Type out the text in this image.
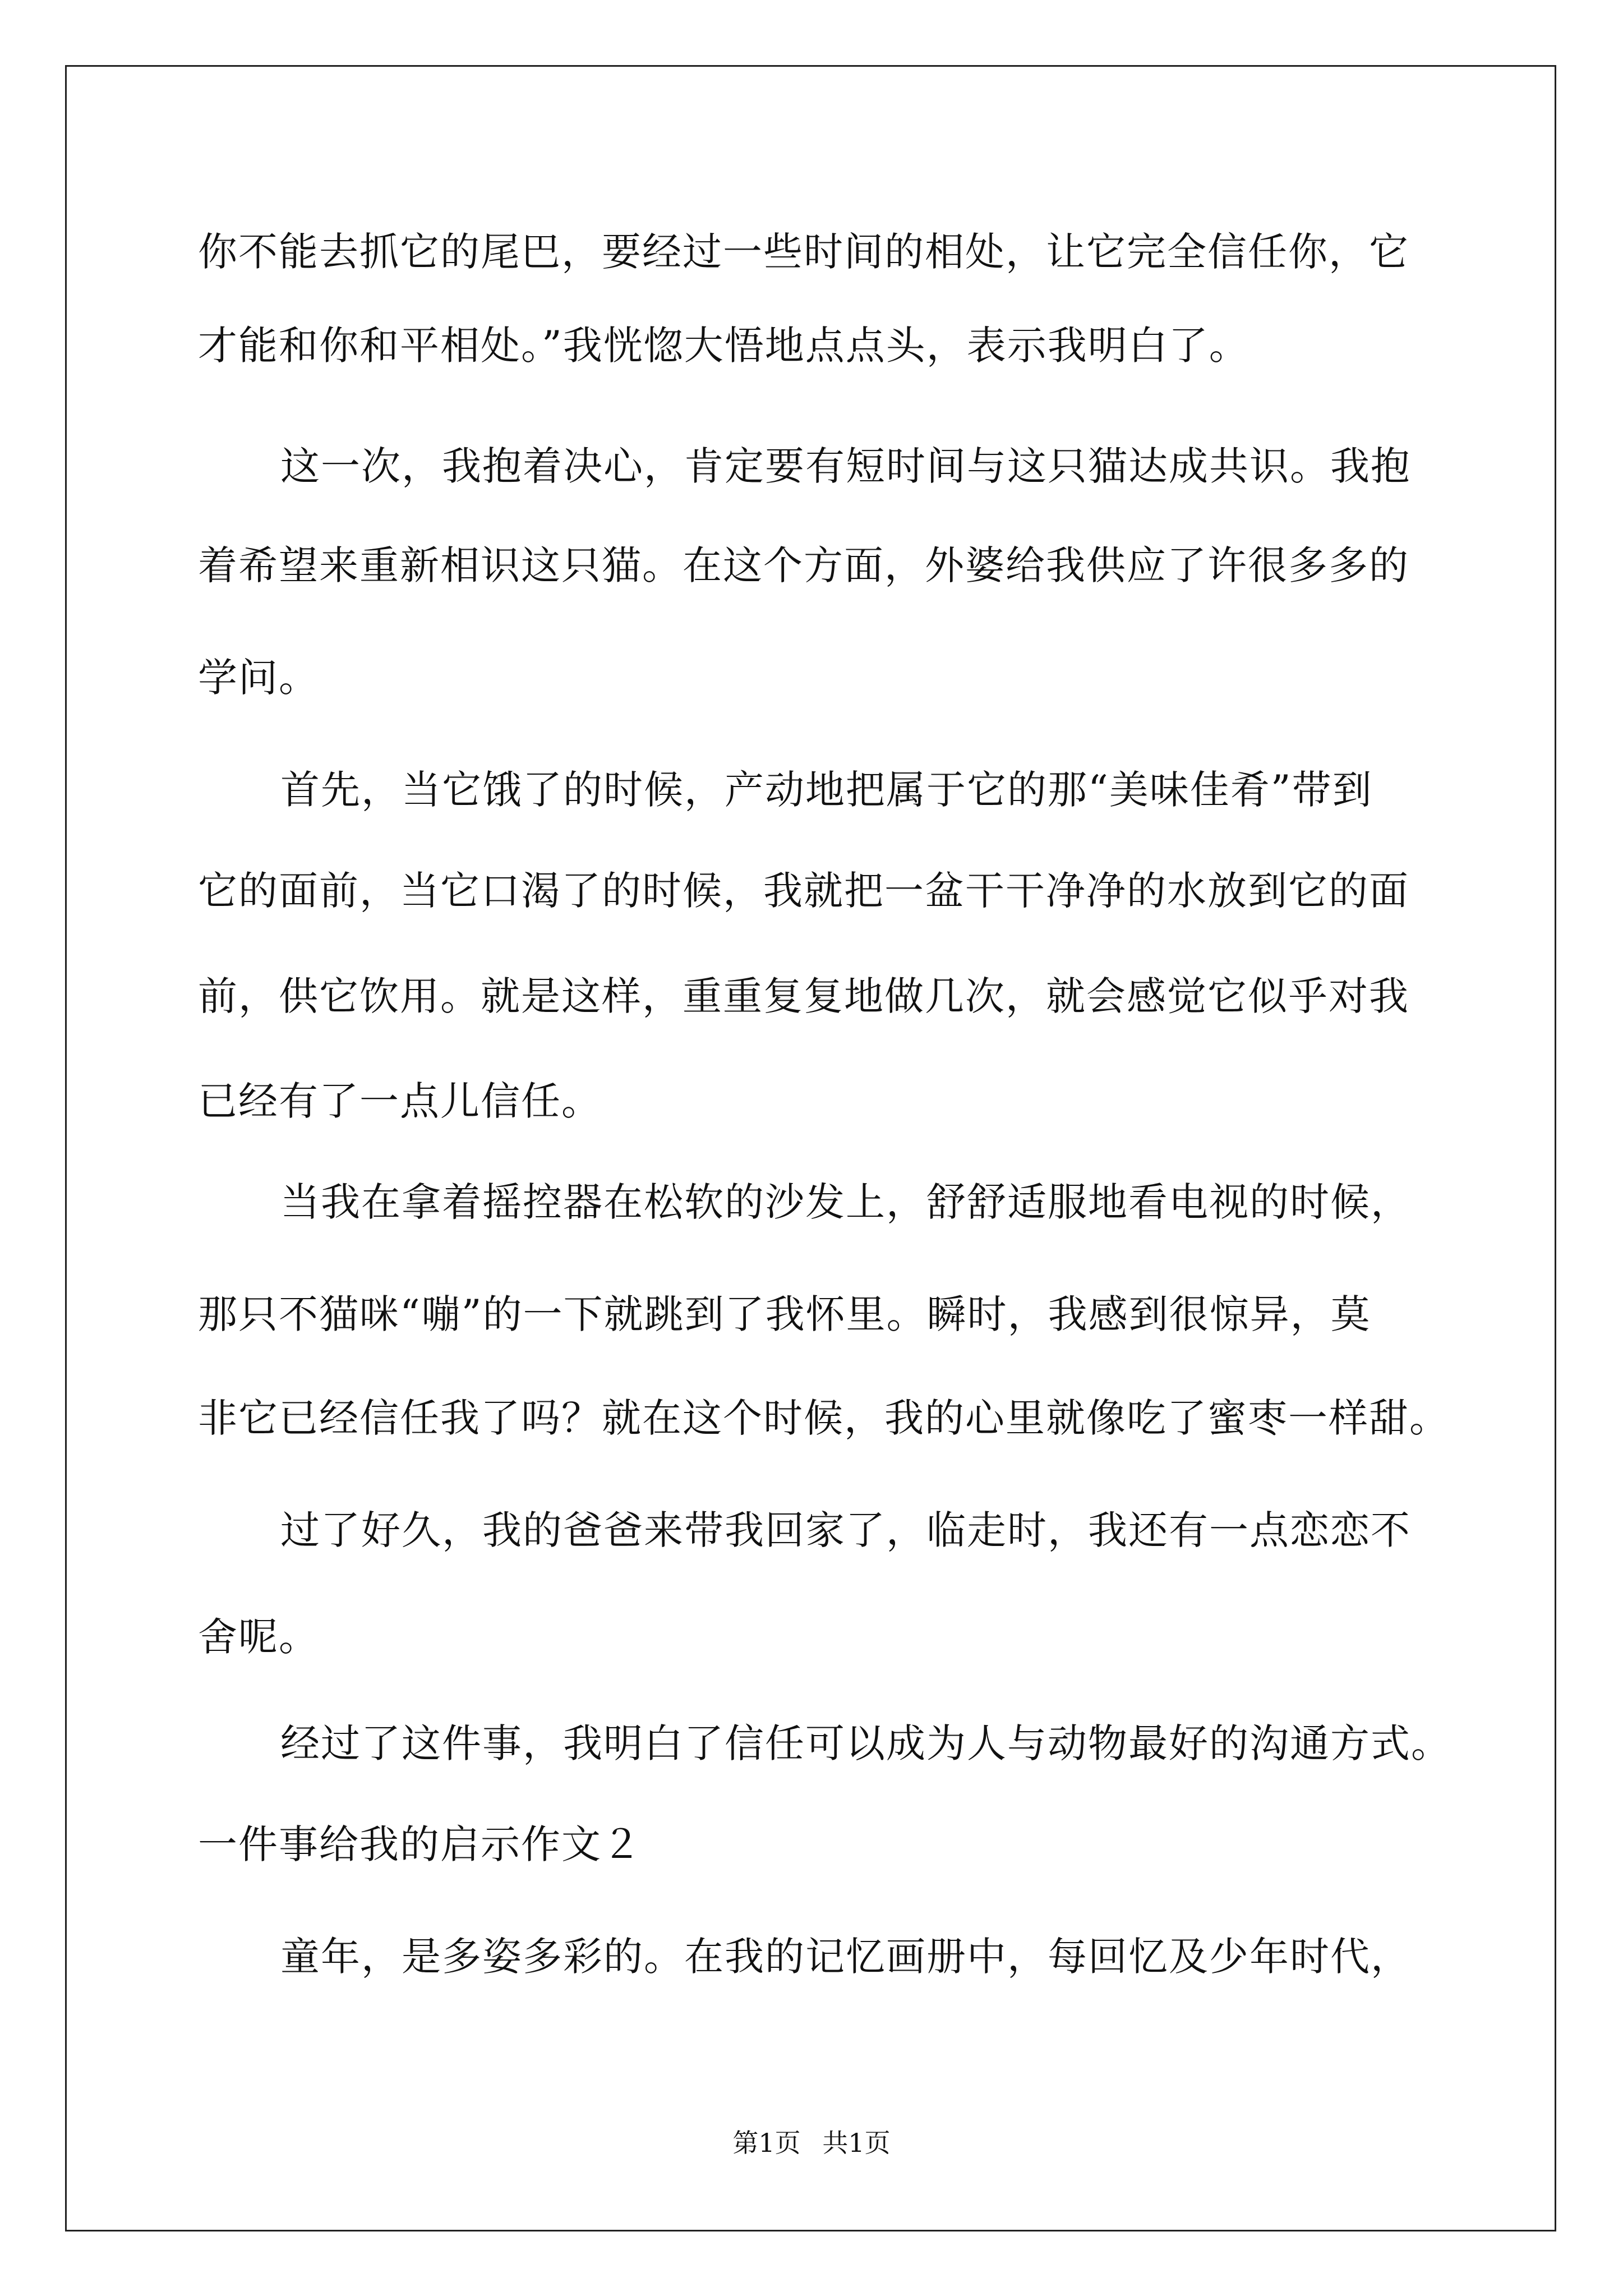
你不能去抓它的尾巴，要经过一些时间的相处，让它完全信任你，它
才能和你和平相处。”我恍惚大悟地点点头，表示我明白了。
这一次，我抱着决心，肯定要有短时间与这只猫达成共识。我抱
着希望来重新相识这只猫。在这个方面，外婆给我供应了许很多多的
学问。
首先，当它饿了的时候，产动地把属于它的那“美味佳肴”带到
它的面前，当它口渴了的时候，我就把一盆干干净净的水放到它的面
前，供它饮用。就是这样，重重复复地做几次，就会感觉它似乎对我
已经有了一点儿信任。
当我在拿着摇控器在松软的沙发上，舒舒适服地看电视的时候，
那只不猫咪“嘣”的一下就跳到了我怀里。瞬时，我感到很惊异，莫
非它已经信任我了吗？就在这个时候，我的心里就像吃了蜜枣一样甜。
过了好久，我的爸爸来带我回家了，临走时，我还有一点恋恋不
舍呢。
经过了这件事，我明白了信任可以成为人与动物最好的沟通方式。
一件事给我的启示作文２
童年，是多姿多彩的。在我的记忆画册中，每回忆及少年时代，
第1页 共1页
